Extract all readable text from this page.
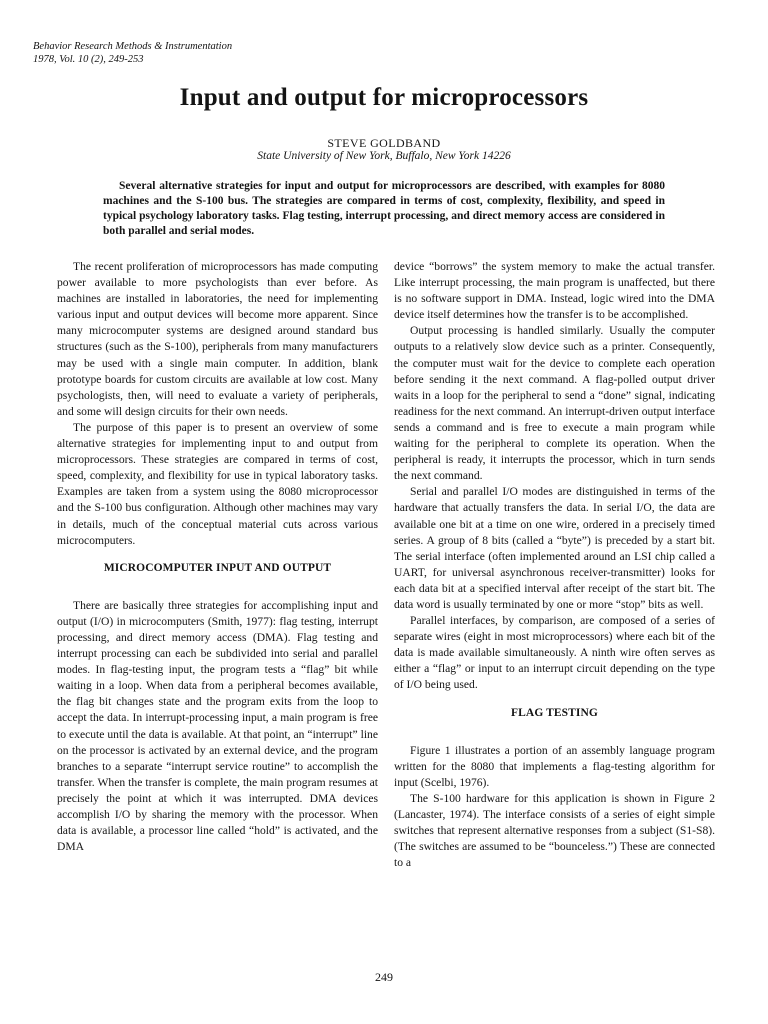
Behavior Research Methods & Instrumentation
1978, Vol. 10 (2), 249-253
Input and output for microprocessors
STEVE GOLDBAND
State University of New York, Buffalo, New York 14226
Several alternative strategies for input and output for microprocessors are described, with examples for 8080 machines and the S-100 bus. The strategies are compared in terms of cost, complexity, flexibility, and speed in typical psychology laboratory tasks. Flag testing, interrupt processing, and direct memory access are considered in both parallel and serial modes.

The recent proliferation of microprocessors has made computing power available to more psychologists than ever before. As machines are installed in laboratories, the need for implementing various input and output devices will become more apparent. Since many microcomputer systems are designed around standard bus structures (such as the S-100), peripherals from many manufacturers may be used with a single main computer. In addition, blank prototype boards for custom circuits are available at low cost. Many psychologists, then, will need to evaluate a variety of peripherals, and some will design circuits for their own needs.

The purpose of this paper is to present an overview of some alternative strategies for implementing input to and output from microprocessors. These strategies are compared in terms of cost, speed, complexity, and flexibility for use in typical laboratory tasks. Examples are taken from a system using the 8080 microprocessor and the S-100 bus configuration. Although other machines may vary in details, much of the conceptual material cuts across various microcomputers.

MICROCOMPUTER INPUT AND OUTPUT

There are basically three strategies for accomplishing input and output (I/O) in microcomputers (Smith, 1977): flag testing, interrupt processing, and direct memory access (DMA). Flag testing and interrupt processing can each be subdivided into serial and parallel modes. In flag-testing input, the program tests a “flag” bit while waiting in a loop. When data from a peripheral becomes available, the flag bit changes state and the program exits from the loop to accept the data. In interrupt-processing input, a main program is free to execute until the data is available. At that point, an “interrupt” line on the processor is activated by an external device, and the program branches to a separate “interrupt service routine” to accomplish the transfer. When the transfer is complete, the main program resumes at precisely the point at which it was interrupted. DMA devices accomplish I/O by sharing the memory with the processor. When data is available, a processor line called “hold” is activated, and the DMA

device “borrows” the system memory to make the actual transfer. Like interrupt processing, the main program is unaffected, but there is no software support in DMA. Instead, logic wired into the DMA device itself determines how the transfer is to be accomplished.

Output processing is handled similarly. Usually the computer outputs to a relatively slow device such as a printer. Consequently, the computer must wait for the device to complete each operation before sending it the next command. A flag-polled output driver waits in a loop for the peripheral to send a “done” signal, indicating readiness for the next command. An interrupt-driven output interface sends a command and is free to execute a main program while waiting for the peripheral to complete its operation. When the peripheral is ready, it interrupts the processor, which in turn sends the next command.

Serial and parallel I/O modes are distinguished in terms of the hardware that actually transfers the data. In serial I/O, the data are available one bit at a time on one wire, ordered in a precisely timed series. A group of 8 bits (called a “byte”) is preceded by a start bit. The serial interface (often implemented around an LSI chip called a UART, for universal asynchronous receiver-transmitter) looks for each data bit at a specified interval after receipt of the start bit. The data word is usually terminated by one or more “stop” bits as well.

Parallel interfaces, by comparison, are composed of a series of separate wires (eight in most microprocessors) where each bit of the data is made available simultaneously. A ninth wire often serves as either a “flag” or input to an interrupt circuit depending on the type of I/O being used.

FLAG TESTING

Figure 1 illustrates a portion of an assembly language program written for the 8080 that implements a flag-testing algorithm for input (Scelbi, 1976).

The S-100 hardware for this application is shown in Figure 2 (Lancaster, 1974). The interface consists of a series of eight simple switches that represent alternative responses from a subject (S1-S8). (The switches are assumed to be “bounceless.”) These are connected to a

249
